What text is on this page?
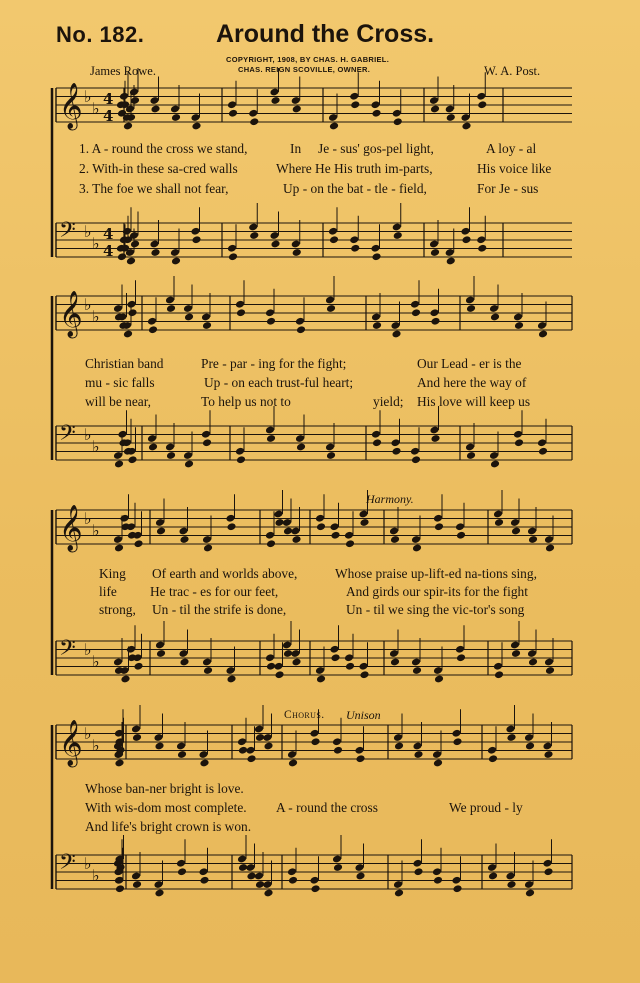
No. 182.	Around the Cross.
COPYRIGHT, 1908, BY CHAS. H. GABRIEL.
CHAS. REIGN SCOVILLE, OWNER.
James Rowe.	W. A. Post.
𝄞 ♭
♭ 4
4
𝄢 ♭
♭ 4
4
𝄞 ♭
♭
𝄢 ♭
♭
𝄞 ♭
♭
𝄢 ♭
♭
𝄞 ♭
♭
𝄢 ♭
♭
1. A - round the cross we stand,	In Je - sus' gos-pel light,	A loy - al
2. With-in these sa-cred walls	Where He His truth im-parts,	His voice like
3. The foe we shall not fear,	Up - on the bat - tle - field,	For Je - sus
Christian band	Pre - par - ing for the fight;	Our Lead - er is the
mu - sic falls	Up - on each trust-ful heart;	And here the way of
will be near,	To help us not to	yield; His love will keep us
Harmony.
King Of earth and worlds above,	Whose praise up-lift-ed na-tions sing,
life He trac - es for our feet,	And girds our spir-its for the fight
strong, Un - til the strife is done,	Un - til we sing the vic-tor's song
Chorus. Unison
Whose ban-ner bright is love.
With wis-dom most complete. A - round the cross	We proud - ly
And life's bright crown is won.
